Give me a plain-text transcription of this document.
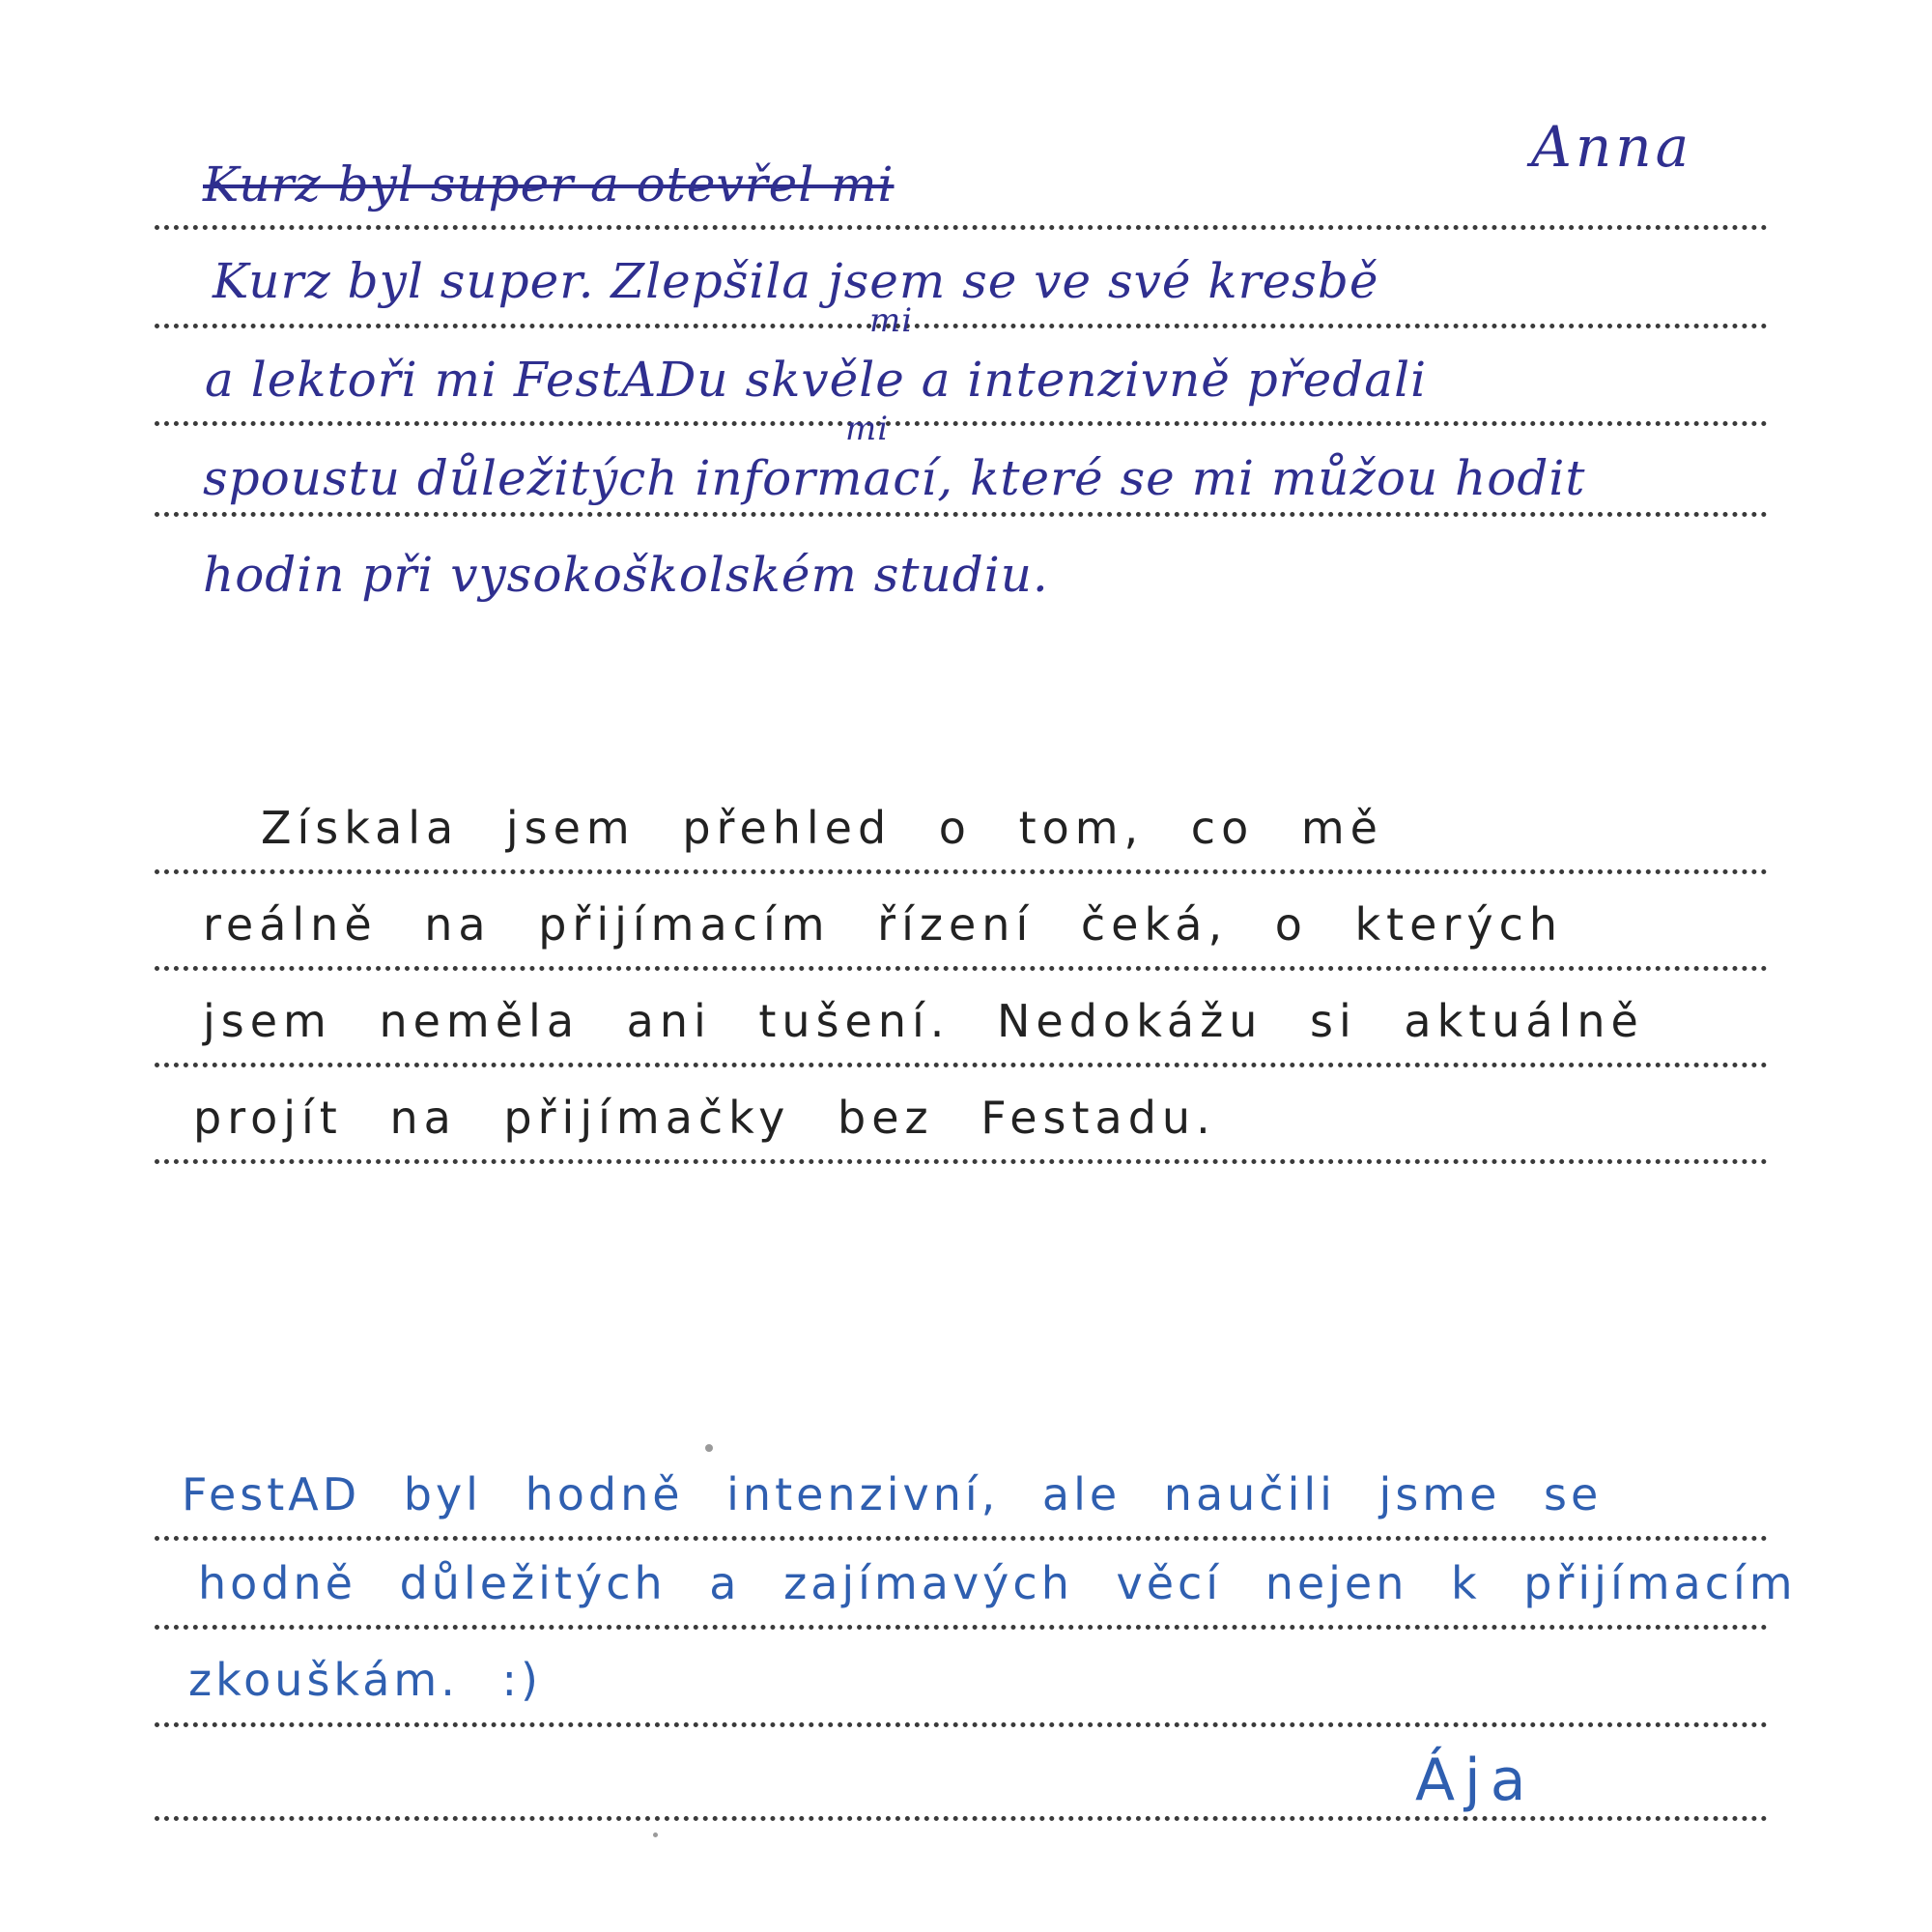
Anna
Kurz byl super a otevřel mi
Kurz byl super. Zlepšila jsem se ve své kresbě
mi
a lektoři mi FestADu skvěle a intenzivně předali
mi
spoustu důležitých informací, které se mi můžou hodit
hodin při vysokoškolském studiu.
Získala jsem přehled o tom, co mě
reálně na přijímacím řízení čeká, o kterých
jsem neměla ani tušení. Nedokážu si aktuálně
projít na přijímačky bez Festadu.
FestAD byl hodně intenzivní, ale naučili jsme se
hodně důležitých a zajímavých věcí nejen k přijímacím
zkouškám. :)
Ája
